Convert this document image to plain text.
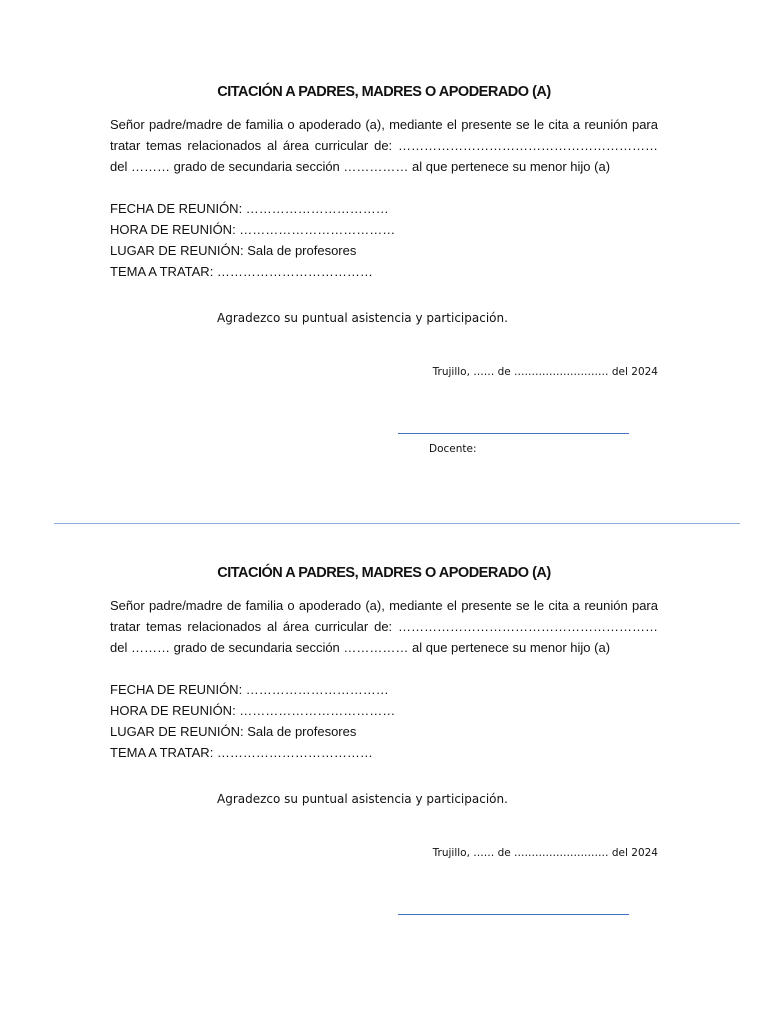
CITACIÓN A PADRES, MADRES O APODERADO (A)

Señor padre/madre de familia o apoderado (a), mediante el presente se le cita a reunión para

tratar temas relacionados al área curricular de: ……………………………………………………

del ……… grado de secundaria sección …………… al que pertenece su menor hijo (a)

FECHA DE REUNIÓN: ……………………………
HORA DE REUNIÓN: ………………………………
LUGAR DE REUNIÓN: Sala de profesores
TEMA A TRATAR: ………………………………
Agradezco su puntual asistencia y participación.
Trujillo, …… de ……………………… del 2024
Docente:
CITACIÓN A PADRES, MADRES O APODERADO (A)

Señor padre/madre de familia o apoderado (a), mediante el presente se le cita a reunión para

tratar temas relacionados al área curricular de: ……………………………………………………

del ……… grado de secundaria sección …………… al que pertenece su menor hijo (a)

FECHA DE REUNIÓN: ……………………………
HORA DE REUNIÓN: ………………………………
LUGAR DE REUNIÓN: Sala de profesores
TEMA A TRATAR: ………………………………
Agradezco su puntual asistencia y participación.
Trujillo, …… de ……………………… del 2024
